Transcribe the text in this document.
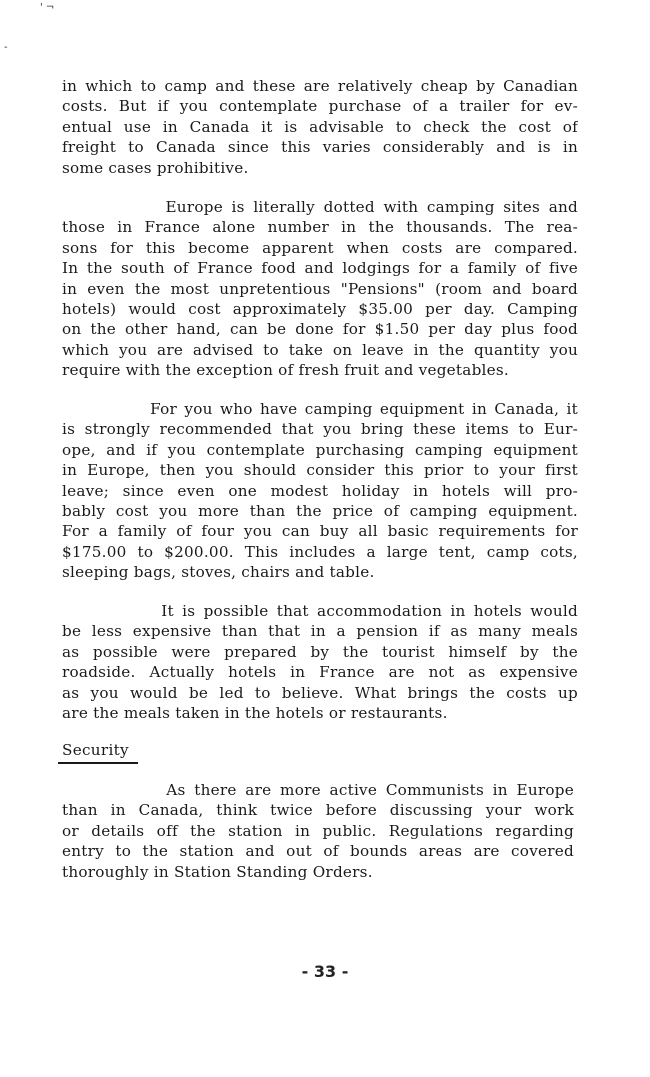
' ¬
-
in which to camp and these are relatively cheap by Canadian
costs. But if you contemplate purchase of a trailer for ev-
entual use in Canada it is advisable to check the cost of
freight to Canada since this varies considerably and is in
some cases prohibitive.
Europe is literally dotted with camping sites and
those in France alone number in the thousands. The rea-
sons for this become apparent when costs are compared.
In the south of France food and lodgings for a family of five
in even the most unpretentious "Pensions" (room and board
hotels) would cost approximately $35.00 per day. Camping
on the other hand, can be done for $1.50 per day plus food
which you are advised to take on leave in the quantity you
require with the exception of fresh fruit and vegetables.
For you who have camping equipment in Canada, it
is strongly recommended that you bring these items to Eur-
ope, and if you contemplate purchasing camping equipment
in Europe, then you should consider this prior to your first
leave; since even one modest holiday in hotels will pro-
bably cost you more than the price of camping equipment.
For a family of four you can buy all basic requirements for
$175.00 to $200.00. This includes a large tent, camp cots,
sleeping bags, stoves, chairs and table.
It is possible that accommodation in hotels would
be less expensive than that in a pension if as many meals
as possible were prepared by the tourist himself by the
roadside. Actually hotels in France are not as expensive
as you would be led to believe. What brings the costs up
are the meals taken in the hotels or restaurants.
Security
As there are more active Communists in Europe
than in Canada, think twice before discussing your work
or details off the station in public. Regulations regarding
entry to the station and out of bounds areas are covered
thoroughly in Station Standing Orders.
- 33 -
